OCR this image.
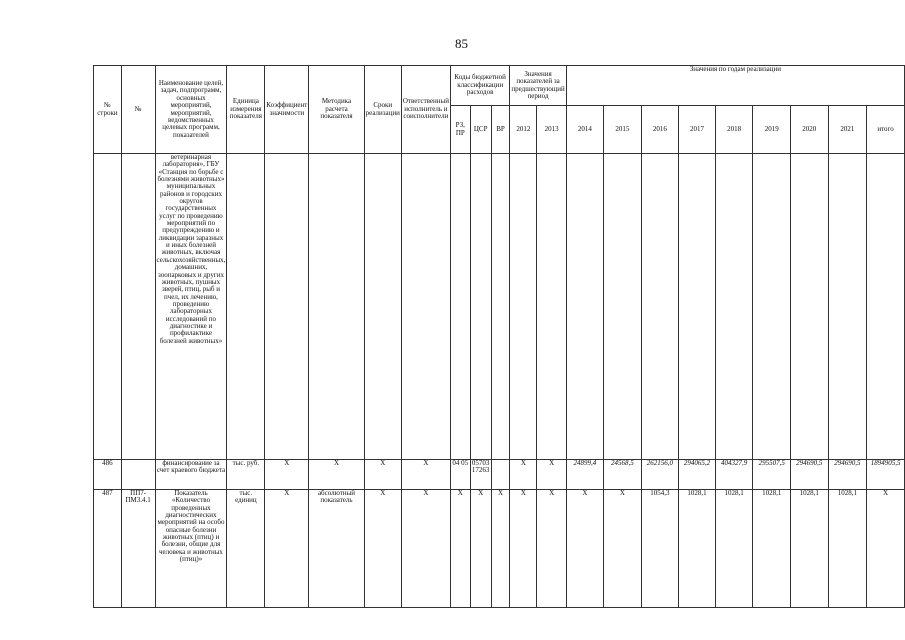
85
№ строки	№	Наименование целей, задач, подпрограмм, основных мероприятий, мероприятий, ведомственных целевых программ, показателей	Единица измерения показателя	Коэффициент значимости	Методика расчета показателя	Сроки реализации	Ответственный исполнитель и соисполнители	Коды бюджетной классификации расходов			Значения показателей за предшествующий период		Значения по годам реализации								
								РЗ, ПР	ЦСР	ВР	2012	2013	2014	2015	2016	2017	2018	2019	2020	2021	итого
		ветеринарная лаборатория», ГБУ «Станция по борьбе с болезнями животных» муниципальных районов и городских округов государственных услуг по проведению мероприятий по предупреждению и ликвидации заразных и иных болезней животных, включая сельскохозяйственных, домашних, зоопарковых и других животных, пушных зверей, птиц, рыб и пчел, их лечению, проведению лабораторных исследований по диагностике и профилактике болезней животных»																			
486		финансирование за счет краевого бюджета	тыс. руб.	Х	Х	Х	Х	04 05	05703 17263		Х	Х	24899,4	24568,5	262156,0	294065,2	404327,9	295507,5	294690,5	294690,5	1894905,5
487	ПП7-ПМ3.4.1	Показатель «Количество проведенных диагностических мероприятий на особо опасные болезни животных (птиц) и болезни, общие для человека и животных (птиц)»	тыс. единиц	Х	абсолютный показатель	Х	Х	Х	Х	Х	Х	Х	Х	Х	1054,3	1028,1	1028,1	1028,1	1028,1	1028,1	Х
